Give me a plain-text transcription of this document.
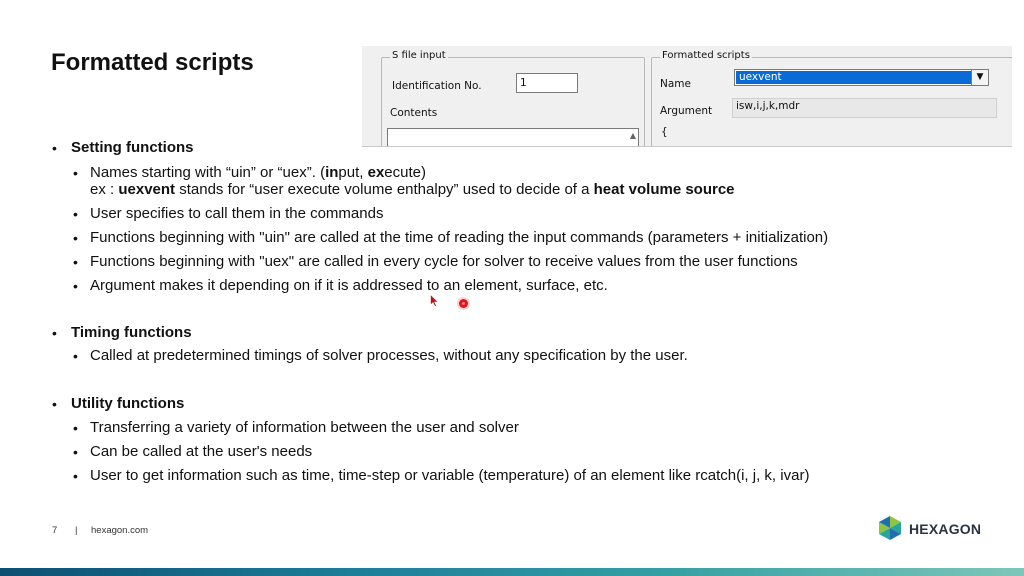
Formatted scripts	S file input
Identification No.	1
Contents
▲
Formatted scripts
Name
uexvent	▼
Argument	isw,i,j,k,mdr
{
• Setting functions
• Names starting with “uin” or “uex”. (input, execute)
ex : uexvent stands for “user execute volume enthalpy” used to decide of a heat volume source
• User specifies to call them in the commands
• Functions beginning with "uin" are called at the time of reading the input commands (parameters + initialization)
• Functions beginning with "uex" are called in every cycle for solver to receive values from the user functions
• Argument makes it depending on if it is addressed to an element, surface, etc.
• Timing functions
• Called at predetermined timings of solver processes, without any specification by the user.
• Utility functions
• Transferring a variety of information between the user and solver
• Can be called at the user's needs
• User to get information such as time, time-step or variable (temperature) of an element like rcatch(i, j, k, ivar)
7 | hexagon.com	HEXAGON
